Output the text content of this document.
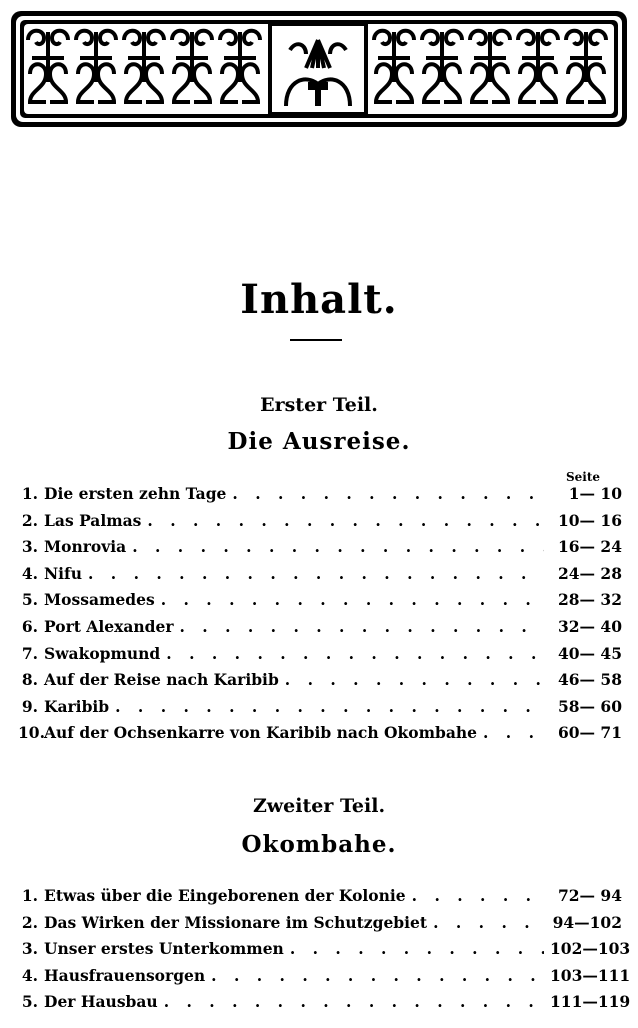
Inhalt.
Erster Teil.
Die Ausreise.
Seite
1. Die ersten zehn Tage . . .	1— 10
2. Las Palmas . . .	10— 16
3. Monrovia . . .	16— 24
4. Nifu . . .	24— 28
5. Mossamedes . . .	28— 32
6. Port Alexander . . .	32— 40
7. Swakopmund . . .	40— 45
8. Auf der Reise nach Karibib . . .	46— 58
9. Karibib . . .	58— 60
10. Auf der Ochsenkarre von Karibib nach Okombahe . . .	60— 71
Zweiter Teil.
Okombahe.
1. Etwas über die Eingeborenen der Kolonie . . .	72— 94
2. Das Wirken der Missionare im Schutzgebiet . . .	94—102
3. Unser erstes Unterkommen . . .	102—103
4. Hausfrauensorgen . . .	103—111
5. Der Hausbau . . .	111—119
